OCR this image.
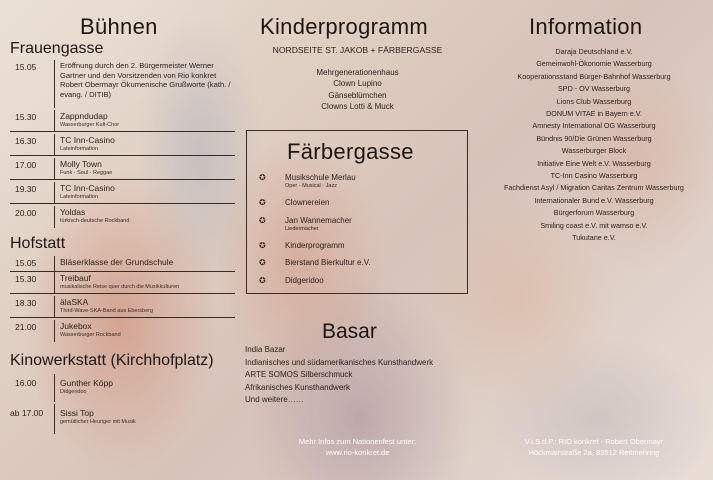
Bühnen
Frauengasse
15.05	Eröffnung durch den 2. Bürgermeister Werner Gartner und den Vorsitzenden von Rio konkret Robert Obermayr Ökumenische Grußworte (kath. / evang. / DITIB)
15.30	Zappndudap
Wasserburger Kult-Chor
16.30	TC Inn-Casino
Lateinformation
17.00	Molly Town
Funk · Soul · Reggae
19.30	TC Inn-Casino
Lateinformation
20.00	Yoldas
türkisch-deutsche Rockband
Hofstatt
15.05	Bläserklasse der Grundschule
15.30	Treibauf
musikalische Reise quer durch die Musikkulturen
18.30	älaSKA
Third-Wave-SKA-Band aus Ebersberg
21.00	Jukebox
Wasserburger Rockband
Kinowerkstatt (Kirchhofplatz)
16.00	Gunther Köpp
Didgeridoo
ab 17.00 Sissi Top
gemütlicher Heuriger mit Musik
Kinderprogramm
NORDSEITE ST. JAKOB + FÄRBERGASSE
Mehrgenerationenhaus
Clown Lupino
Gänseblümchen
Clowns Lotti & Muck
Färbergasse
✪ Musikschule Merlau
Oper · Musical · Jazz
✪ Clownereien
✪ Jan Wannemacher
Liedermacher
✪ Kinderprogramm
✪ Bierstand Bierkultur e.V.
✪ Didgeridoo
Basar
India Bazar
Indianisches und südamerikanisches Kunsthandwerk
ARTE SOMOS Silberschmuck
Afrikanisches Kunsthandwerk
Und weitere……
Mehr Infos zum Nationenfest unter:
www.rio-konkret.de
Information
Daraja Deutschland e.V.
Gemeinwohl-Ökonomie Wasserburg
Kooperationsstand Bürger-Bahnhof Wasserburg
SPD - OV Wasserburg
Lions Club Wasserburg
DONUM VITAE in Bayern e.V.
Amnesty International OG Wasserburg
Bündnis 90/Die Grünen Wasserburg
Wasserburger Block
Initiative Eine Welt e.V. Wasserburg
TC-Inn Casino Wasserburg
Fachdienst Asyl / Migration Caritas Zentrum Wasserburg
Internationaler Bund e.V. Wasserburg
Bürgerforum Wasserburg
Smiling coast e.V. mit wamso e.V.
Tukutane e.V.
V.i.S.d.P.: RIO konkret - Robert Obermayr
Höckmairstraße 2a, 83512 Reitmehring
